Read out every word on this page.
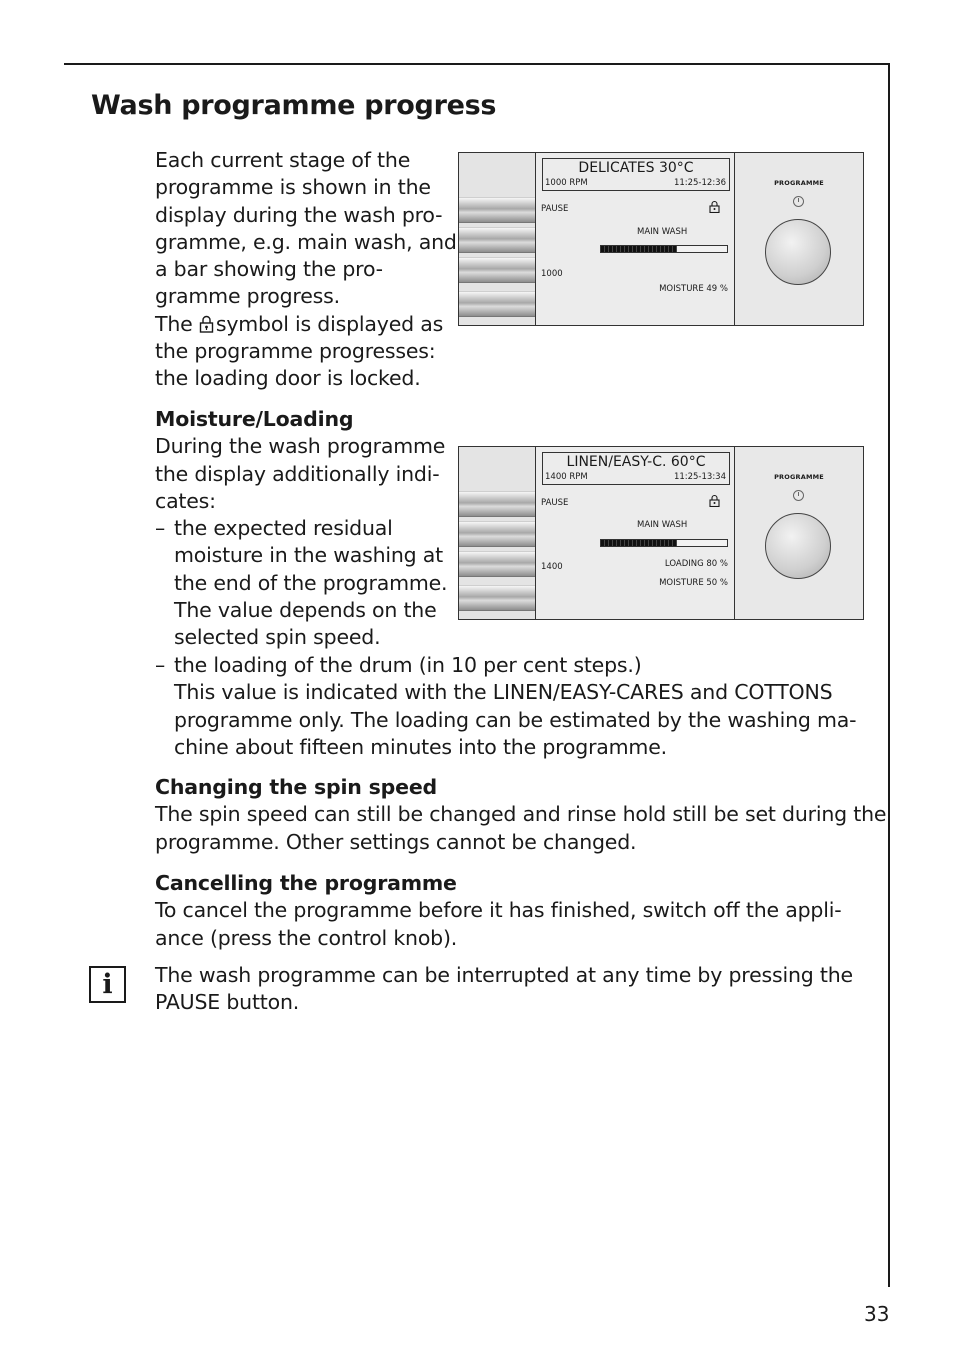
Wash programme progress
Each current stage of the
programme is shown in the
display during the wash pro-
gramme, e.g. main wash, and
a bar showing the pro-
gramme progress.
The symbol is displayed as
the programme progresses:
the loading door is locked.
Moisture/Loading
During the wash programme
the display additionally indi-
cates:
– the expected residual
moisture in the washing at
the end of the programme.
The value depends on the
selected spin speed.
– the loading of the drum (in 10 per cent steps.)
This value is indicated with the LINEN/EASY-CARES and COTTONS
programme only. The loading can be estimated by the washing ma-
chine about fifteen minutes into the programme.
Changing the spin speed
The spin speed can still be changed and rinse hold still be set during the
programme. Other settings cannot be changed.
Cancelling the programme
To cancel the programme before it has finished, switch off the appli-
ance (press the control knob).
i	The wash programme can be interrupted at any time by pressing the
PAUSE button.
DELICATES 30°C
1000 RPM	11:25-12:36
PAUSE
MAIN WASH
1000
MOISTURE 49 %
PROGRAMME
LINEN/EASY-C. 60°C
1400 RPM	11:25-13:34
PAUSE
MAIN WASH
1400	LOADING 80 %
MOISTURE 50 %
PROGRAMME
33
